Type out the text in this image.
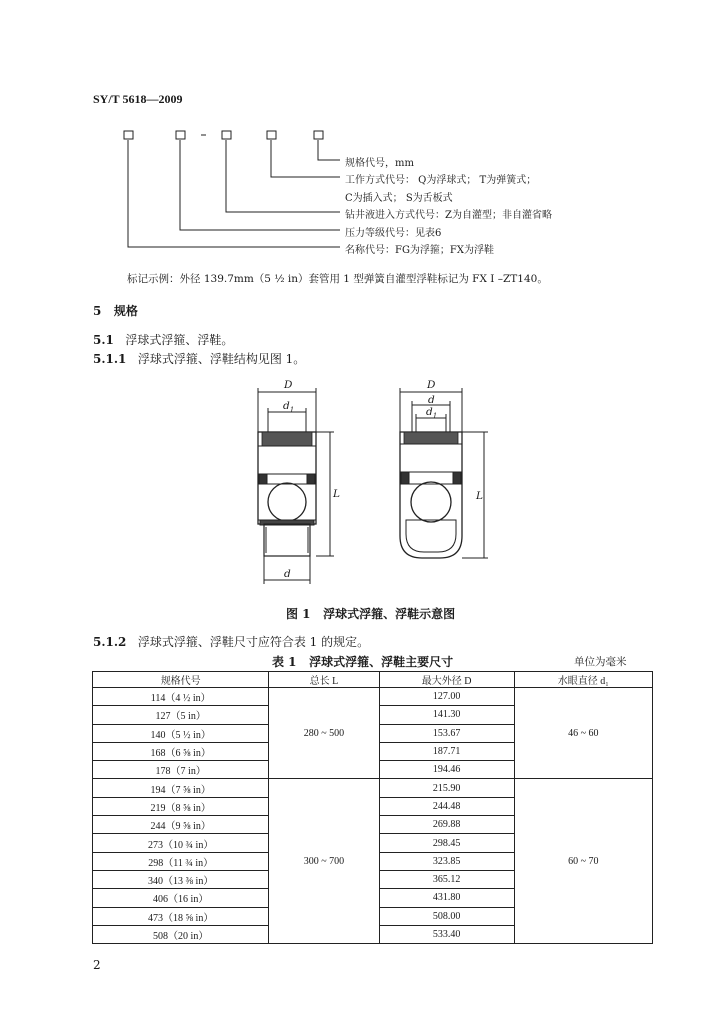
SY/T 5618—2009
规格代号，mm
工作方式代号： Q为浮球式； T为弹簧式；
C为插入式； S为舌板式
钻井液进入方式代号：Z为自灌型；非自灌省略
压力等级代号：见表6
名称代号：FG为浮箍；FX为浮鞋
标记示例：外径 139.7mm（5 ½ in）套管用 1 型弹簧自灌型浮鞋标记为 FX I –ZT140。
5 规格
5.1 浮球式浮箍、浮鞋。
5.1.1 浮球式浮箍、浮鞋结构见图 1。
D
$d_1$
L
d
D
d
$d_1$
L
图 1 浮球式浮箍、浮鞋示意图
5.1.2 浮球式浮箍、浮鞋尺寸应符合表 1 的规定。
表 1 浮球式浮箍、浮鞋主要尺寸	单位为毫米
规格代号	总长 L	最大外径 D	水眼直径 d₁
114（4 ½ in）	280 ~ 500	127.00	46 ~ 60
127（5 in）		141.30	
140（5 ½ in）		153.67	
168（6 ⅝ in）		187.71	
178（7 in）		194.46	
194（7 ⅝ in）	300 ~ 700	215.90	60 ~ 70
219（8 ⅝ in）		244.48	
244（9 ⅝ in）		269.88	
273（10 ¾ in）		298.45	
298（11 ¾ in）		323.85	
340（13 ⅜ in）		365.12	
406（16 in）		431.80	
473（18 ⅝ in）		508.00	
508（20 in）		533.40	
2
